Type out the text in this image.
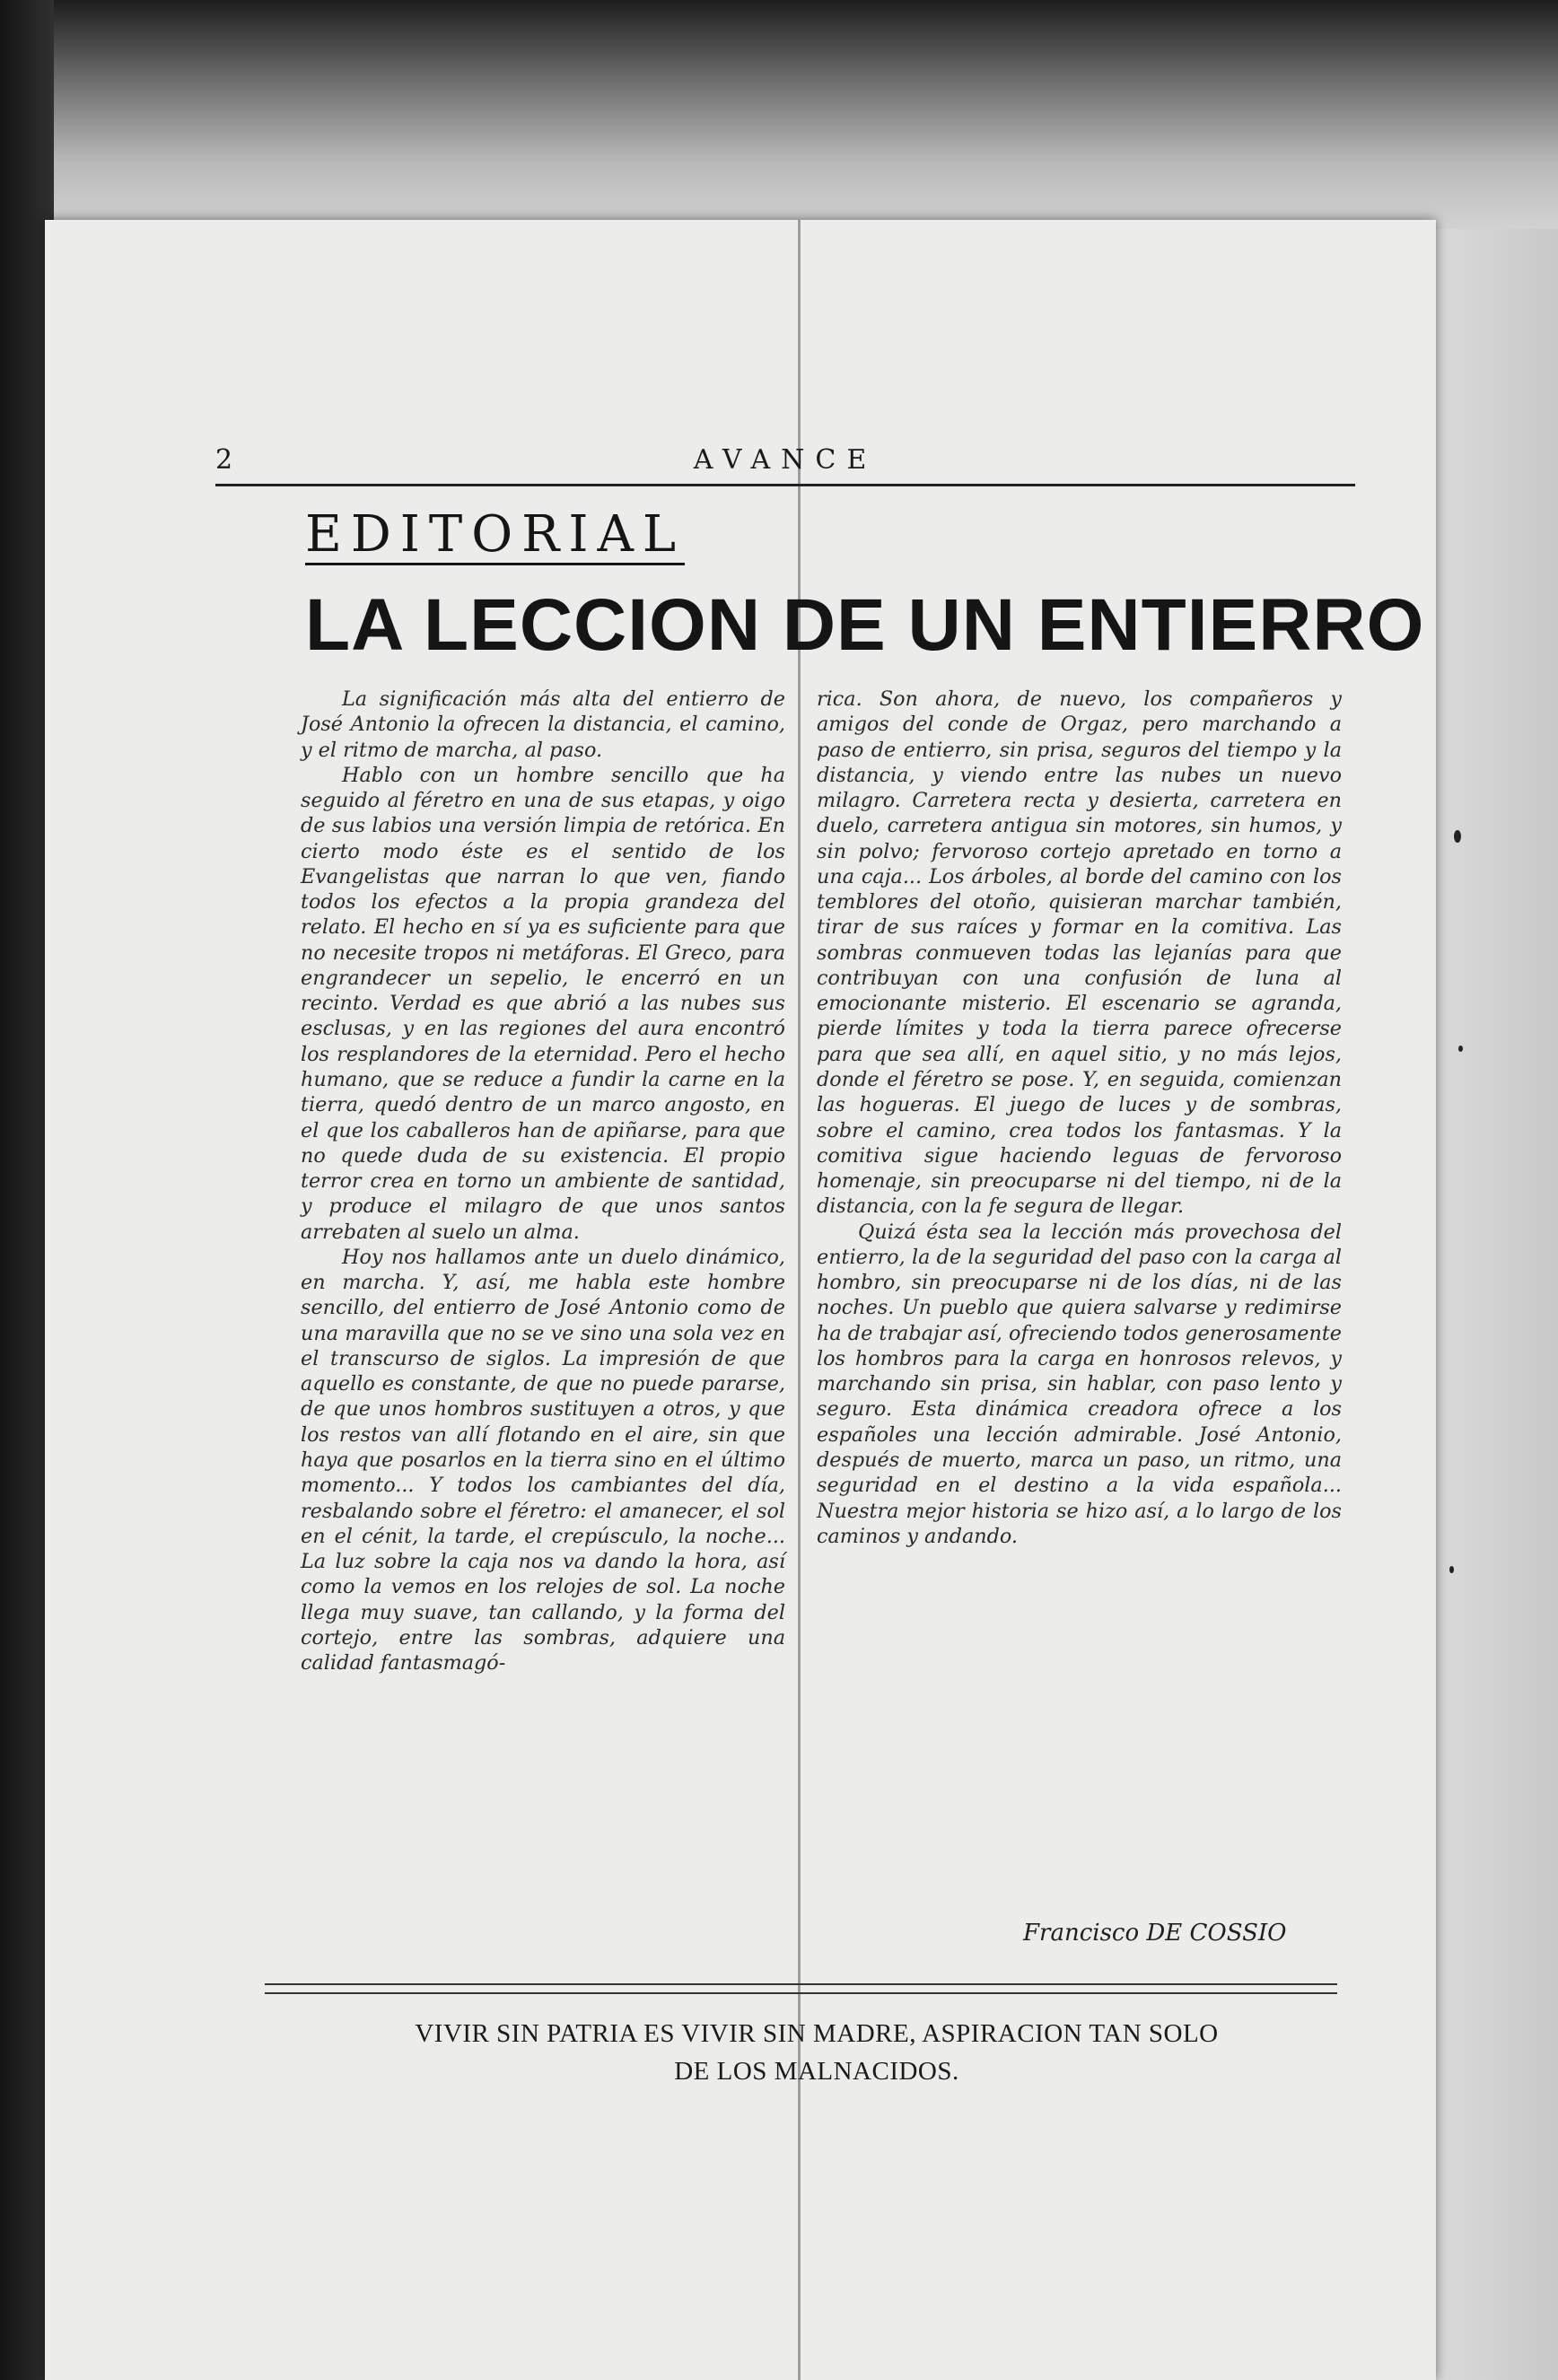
2	AVANCE
EDITORIAL
LA LECCION DE UN ENTIERRO

La significación más alta del entierro de José Antonio la ofrecen la distancia, el camino, y el ritmo de marcha, al paso.

Hablo con un hombre sencillo que ha seguido al féretro en una de sus etapas, y oigo de sus labios una versión limpia de retórica. En cierto modo éste es el sentido de los Evangelistas que narran lo que ven, fiando todos los efectos a la propia grandeza del relato. El hecho en sí ya es suficiente para que no necesite tropos ni metáforas. El Greco, para engrandecer un sepelio, le encerró en un recinto. Verdad es que abrió a las nubes sus esclusas, y en las regiones del aura encontró los resplandores de la eternidad. Pero el hecho humano, que se reduce a fundir la carne en la tierra, quedó dentro de un marco angosto, en el que los caballeros han de apiñarse, para que no quede duda de su existencia. El propio terror crea en torno un ambiente de santidad, y produce el milagro de que unos santos arrebaten al suelo un alma.

Hoy nos hallamos ante un duelo dinámico, en marcha. Y, así, me habla este hombre sencillo, del entierro de José Antonio como de una maravilla que no se ve sino una sola vez en el transcurso de siglos. La impresión de que aquello es constante, de que no puede pararse, de que unos hombros sustituyen a otros, y que los restos van allí flotando en el aire, sin que haya que posarlos en la tierra sino en el último momento... Y todos los cambiantes del día, resbalando sobre el féretro: el amanecer, el sol en el cénit, la tarde, el crepúsculo, la noche... La luz sobre la caja nos va dando la hora, así como la vemos en los relojes de sol. La noche llega muy suave, tan callando, y la forma del cortejo, entre las sombras, adquiere una calidad fantasmagó-

rica. Son ahora, de nuevo, los compañeros y amigos del conde de Orgaz, pero marchando a paso de entierro, sin prisa, seguros del tiempo y la distancia, y viendo entre las nubes un nuevo milagro. Carretera recta y desierta, carretera en duelo, carretera antigua sin motores, sin humos, y sin polvo; fervoroso cortejo apretado en torno a una caja... Los árboles, al borde del camino con los temblores del otoño, quisieran marchar también, tirar de sus raíces y formar en la comitiva. Las sombras conmueven todas las lejanías para que contribuyan con una confusión de luna al emocionante misterio. El escenario se agranda, pierde límites y toda la tierra parece ofrecerse para que sea allí, en aquel sitio, y no más lejos, donde el féretro se pose. Y, en seguida, comienzan las hogueras. El juego de luces y de sombras, sobre el camino, crea todos los fantasmas. Y la comitiva sigue haciendo leguas de fervoroso homenaje, sin preocuparse ni del tiempo, ni de la distancia, con la fe segura de llegar.

Quizá ésta sea la lección más provechosa del entierro, la de la seguridad del paso con la carga al hombro, sin preocuparse ni de los días, ni de las noches. Un pueblo que quiera salvarse y redimirse ha de trabajar así, ofreciendo todos generosamente los hombros para la carga en honrosos relevos, y marchando sin prisa, sin hablar, con paso lento y seguro. Esta dinámica creadora ofrece a los españoles una lección admirable. José Antonio, después de muerto, marca un paso, un ritmo, una seguridad en el destino a la vida española... Nuestra mejor historia se hizo así, a lo largo de los caminos y andando.

Francisco DE COSSIO
VIVIR SIN PATRIA ES VIVIR SIN MADRE, ASPIRACION TAN SOLO
DE LOS MALNACIDOS.
